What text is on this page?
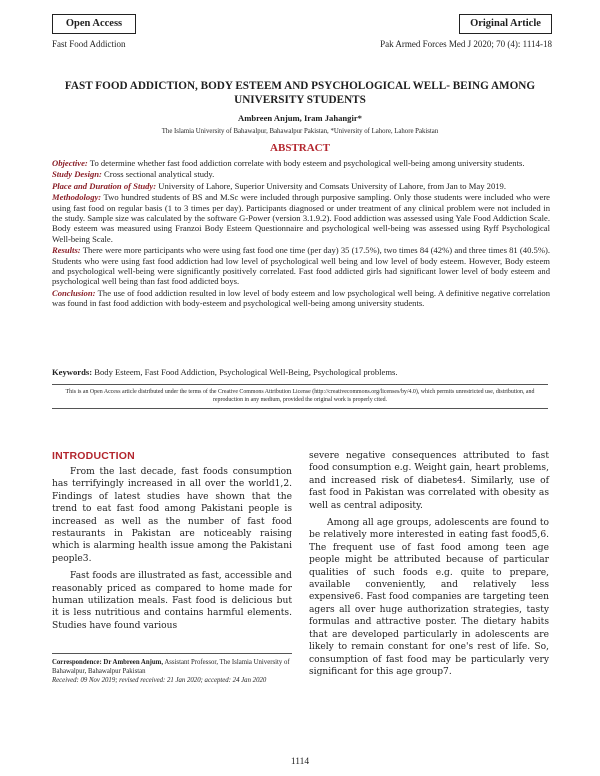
Open Access	Original Article
Fast Food Addiction	Pak Armed Forces Med J 2020; 70 (4): 1114-18
FAST FOOD ADDICTION, BODY ESTEEM AND PSYCHOLOGICAL WELL- BEING AMONG UNIVERSITY STUDENTS
Ambreen Anjum, Iram Jahangir*
The Islamia University of Bahawalpur, Bahawalpur Pakistan, *University of Lahore, Lahore Pakistan
ABSTRACT

Objective: To determine whether fast food addiction correlate with body esteem and psychological well-being among university students.

Study Design: Cross sectional analytical study.

Place and Duration of Study: University of Lahore, Superior University and Comsats University of Lahore, from Jan to May 2019.

Methodology: Two hundred students of BS and M.Sc were included through purposive sampling. Only those students were included who were using fast food on regular basis (1 to 3 times per day). Participants diagnosed or under treatment of any clinical problem were not included in the study. Sample size was calculated by the software G-Power (version 3.1.9.2). Food addiction was assessed using Yale Food Addiction Scale. Body esteem was measured using Franzoi Body Esteem Questionnaire and psychological well-being was assessed using Ryff Psychological Well-being Scale.

Results: There were more participants who were using fast food one time (per day) 35 (17.5%), two times 84 (42%) and three times 81 (40.5%). Students who were using fast food addiction had low level of psychological well being and low level of body esteem. However, Body esteem and psychological well-being were significantly positively correlated. Fast food addicted girls had significant lower level of body esteem and psychological well being than fast food addicted boys.

Conclusion: The use of food addiction resulted in low level of body esteem and low psychological well being. A definitive negative correlation was found in fast food addiction with body-esteem and psychological well-being among university students.

Keywords: Body Esteem, Fast Food Addiction, Psychological Well-Being, Psychological problems.
This is an Open Access article distributed under the terms of the Creative Commons Attribution License (http://creativecommons.org/licenses/by/4.0), which permits unrestricted use, distribution, and reproduction in any medium, provided the original work is properly cited.
INTRODUCTION

From the last decade, fast foods consumption has terrifyingly increased in all over the world1,2. Findings of latest studies have shown that the trend to eat fast food among Pakistani people is increased as well as the number of fast food restaurants in Pakistan are noticeably raising which is alarming health issue among the Pakistani people3.

Fast foods are illustrated as fast, accessible and reasonably priced as compared to home made for human utilization meals. Fast food is delicious but it is less nutritious and contains harmful elements. Studies have found various

severe negative consequences attributed to fast food consumption e.g. Weight gain, heart problems, and increased risk of diabetes4. Similarly, use of fast food in Pakistan was correlated with obesity as well as central adiposity.

Among all age groups, adolescents are found to be relatively more interested in eating fast food5,6. The frequent use of fast food among teen age people might be attributed because of particular qualities of such foods e.g. quite to prepare, available conveniently, and relatively less expensive6. Fast food companies are targeting teen agers all over huge authorization strategies, tasty formulas and attractive poster. The dietary habits that are developed particularly in adolescents are likely to remain constant for one's rest of life. So, consumption of fast food may be particularly very significant for this age group7.

Correspondence: Dr Ambreen Anjum, Assistant Professor, The Islamia University of Bahawalpur, Bahawalpur Pakistan
Received: 09 Nov 2019; revised received: 21 Jan 2020; accepted: 24 Jan 2020
1114
